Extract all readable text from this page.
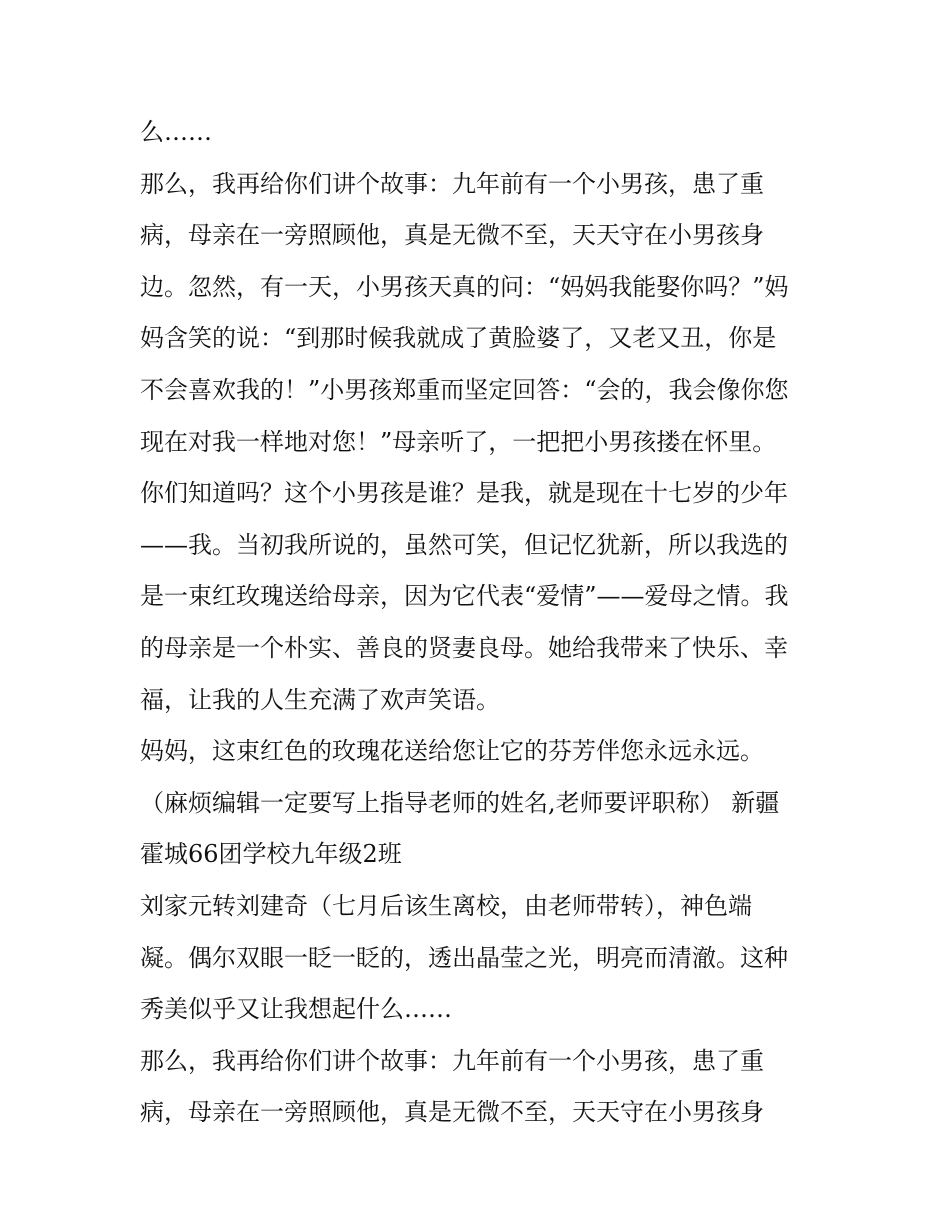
么……

那么，我再给你们讲个故事：九年前有一个小男孩，患了重

病，母亲在一旁照顾他，真是无微不至，天天守在小男孩身

边。忽然，有一天，小男孩天真的问：“妈妈我能娶你吗？”妈

妈含笑的说：“到那时候我就成了黄脸婆了，又老又丑，你是

不会喜欢我的！”小男孩郑重而坚定回答：“会的，我会像你您

现在对我一样地对您！”母亲听了，一把把小男孩搂在怀里。

你们知道吗？这个小男孩是谁？是我，就是现在十七岁的少年

——我。当初我所说的，虽然可笑，但记忆犹新，所以我选的

是一束红玫瑰送给母亲，因为它代表“爱情”——爱母之情。我

的母亲是一个朴实、善良的贤妻良母。她给我带来了快乐、幸

福，让我的人生充满了欢声笑语。

妈妈，这束红色的玫瑰花送给您让它的芬芳伴您永远永远。

（麻烦编辑一定要写上指导老师的姓名,老师要评职称） 新疆

霍城66团学校九年级2班

刘家元转刘建奇（七月后该生离校，由老师带转），神色端

凝。偶尔双眼一眨一眨的，透出晶莹之光，明亮而清澈。这种

秀美似乎又让我想起什么……

那么，我再给你们讲个故事：九年前有一个小男孩，患了重

病，母亲在一旁照顾他，真是无微不至，天天守在小男孩身
